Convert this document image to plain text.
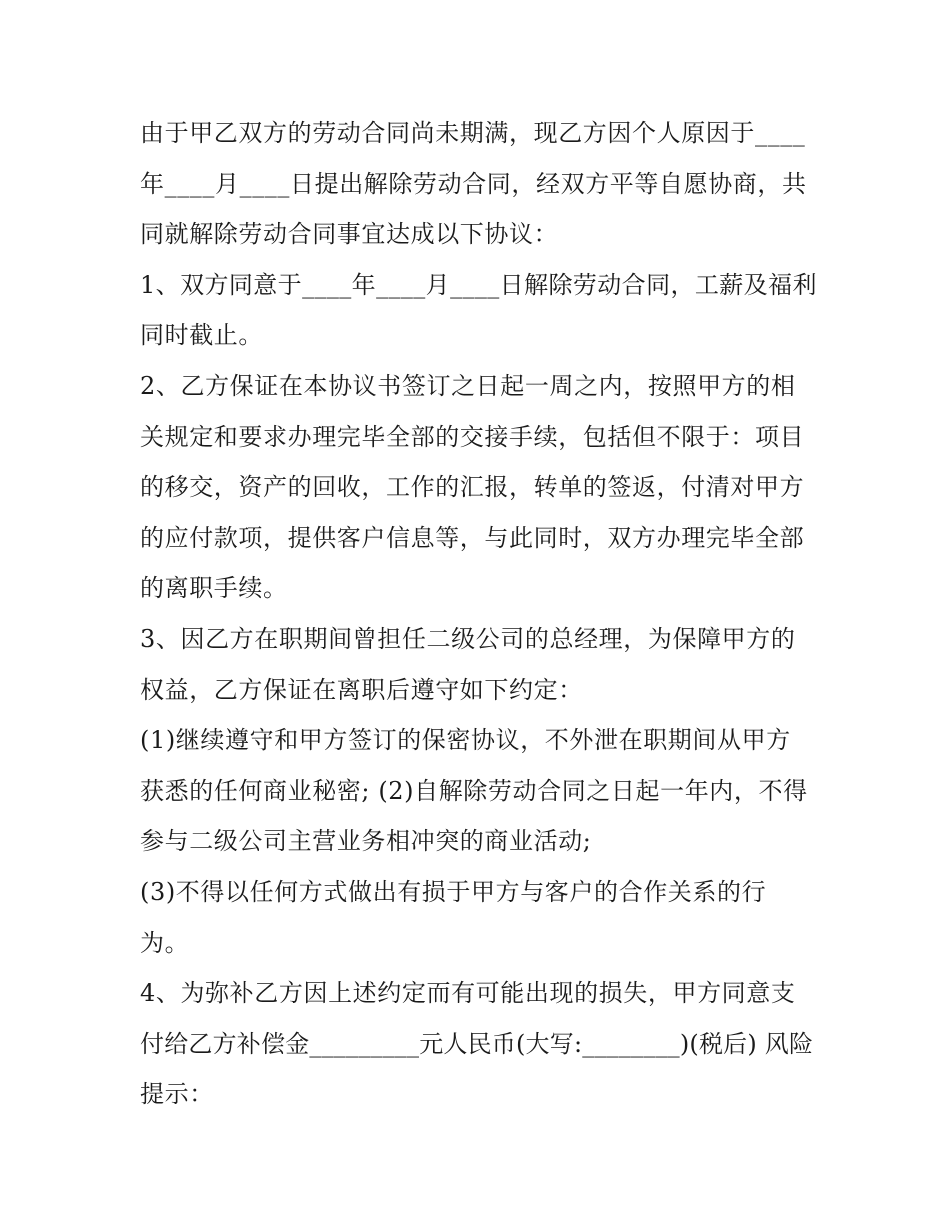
由于甲乙双方的劳动合同尚未期满，现乙方因个人原因于____
年____月____日提出解除劳动合同，经双方平等自愿协商，共
同就解除劳动合同事宜达成以下协议：
1、双方同意于____年____月____日解除劳动合同，工薪及福利
同时截止。
2、乙方保证在本协议书签订之日起一周之内，按照甲方的相
关规定和要求办理完毕全部的交接手续，包括但不限于：项目
的移交，资产的回收，工作的汇报，转单的签返，付清对甲方
的应付款项，提供客户信息等，与此同时，双方办理完毕全部
的离职手续。
3、因乙方在职期间曾担任二级公司的总经理，为保障甲方的
权益，乙方保证在离职后遵守如下约定：
(1)继续遵守和甲方签订的保密协议，不外泄在职期间从甲方
获悉的任何商业秘密; (2)自解除劳动合同之日起一年内，不得
参与二级公司主营业务相冲突的商业活动;
(3)不得以任何方式做出有损于甲方与客户的合作关系的行
为。
4、为弥补乙方因上述约定而有可能出现的损失，甲方同意支
付给乙方补偿金_________元人民币(大写:________)(税后) 风险
提示：
